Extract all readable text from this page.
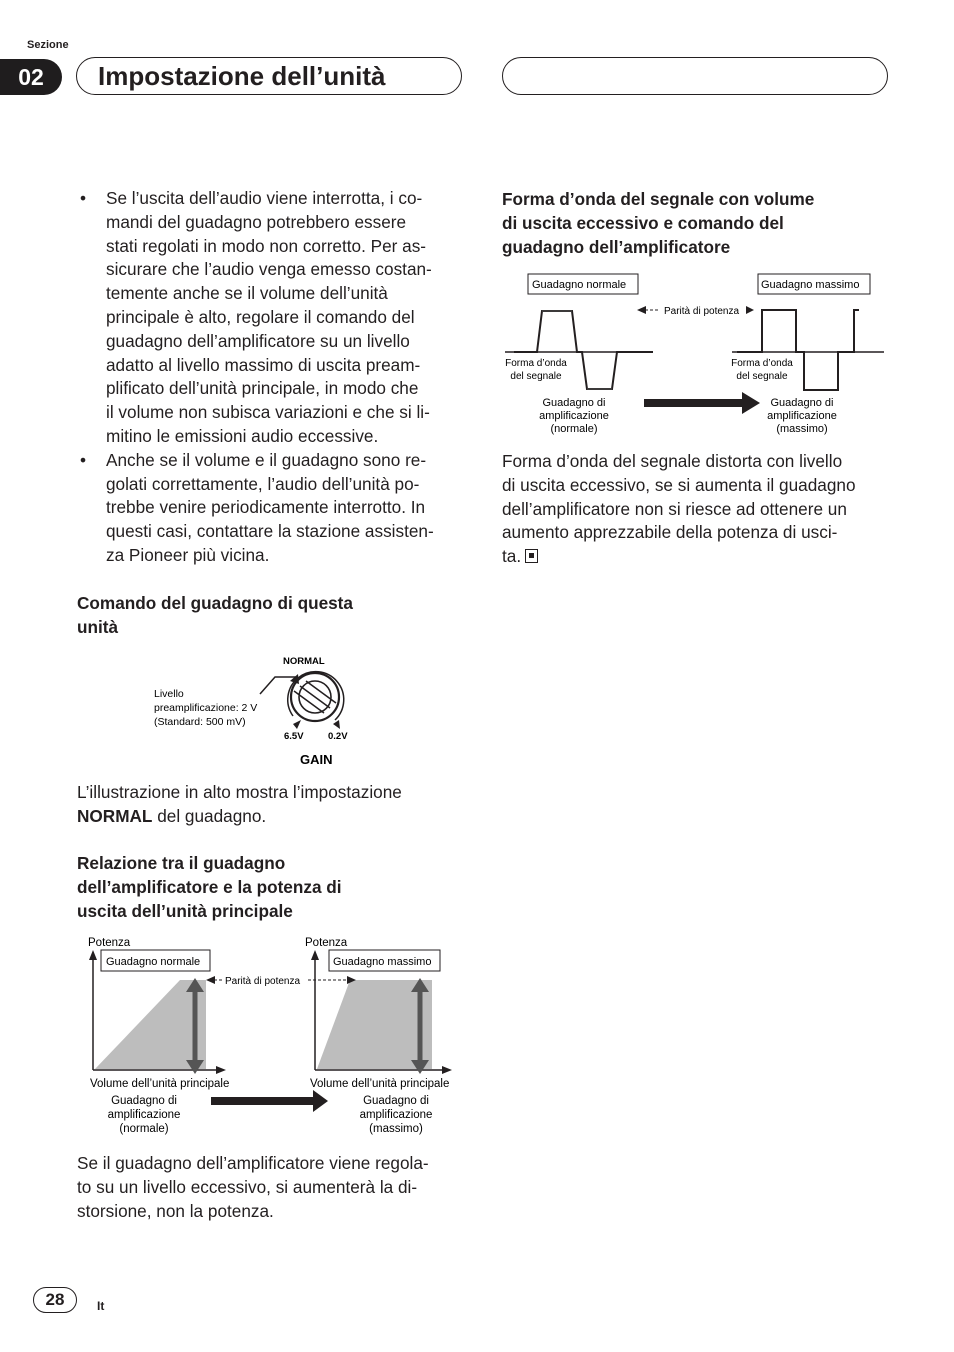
Sezione
02	Impostazione dell’unità
•	Se l’uscita dell’audio viene interrotta, i co-
mandi del guadagno potrebbero essere
stati regolati in modo non corretto. Per as-
sicurare che l’audio venga emesso costan-
temente anche se il volume dell’unità
principale è alto, regolare il comando del
guadagno dell’amplificatore su un livello
adatto al livello massimo di uscita pream-
plificato dell’unità principale, in modo che
il volume non subisca variazioni e che si li-
mitino le emissioni audio eccessive.
•	Anche se il volume e il guadagno sono re-
golati correttamente, l’audio dell’unità po-
trebbe venire periodicamente interrotto. In
questi casi, contattare la stazione assisten-
za Pioneer più vicina.
Comando del guadagno di questa
unità
NORMAL
Livello
preamplificazione: 2 V
(Standard: 500 mV)
6.5V	0.2V
GAIN
L’illustrazione in alto mostra l’impostazione
NORMAL del guadagno.
Relazione tra il guadagno
dell’amplificatore e la potenza di
uscita dell’unità principale
Potenza	Potenza
Guadagno normale	Guadagno massimo
Parità di potenza
Volume dell’unità principale	Volume dell’unità principale
Guadagno di
amplificazione
(normale)
Guadagno di
amplificazione
(massimo)
Se il guadagno dell’amplificatore viene regola-
to su un livello eccessivo, si aumenterà la di-
storsione, non la potenza.
Forma d’onda del segnale con volume
di uscita eccessivo e comando del
guadagno dell’amplificatore
Guadagno normale	Guadagno massimo
Parità di potenza
Forma d’onda
del segnale
Forma d’onda
del segnale
Guadagno di
amplificazione
(normale)
Guadagno di
amplificazione
(massimo)
Forma d’onda del segnale distorta con livello
di uscita eccessivo, se si aumenta il guadagno
dell’amplificatore non si riesce ad ottenere un
aumento apprezzabile della potenza di usci-
ta.
28	It
